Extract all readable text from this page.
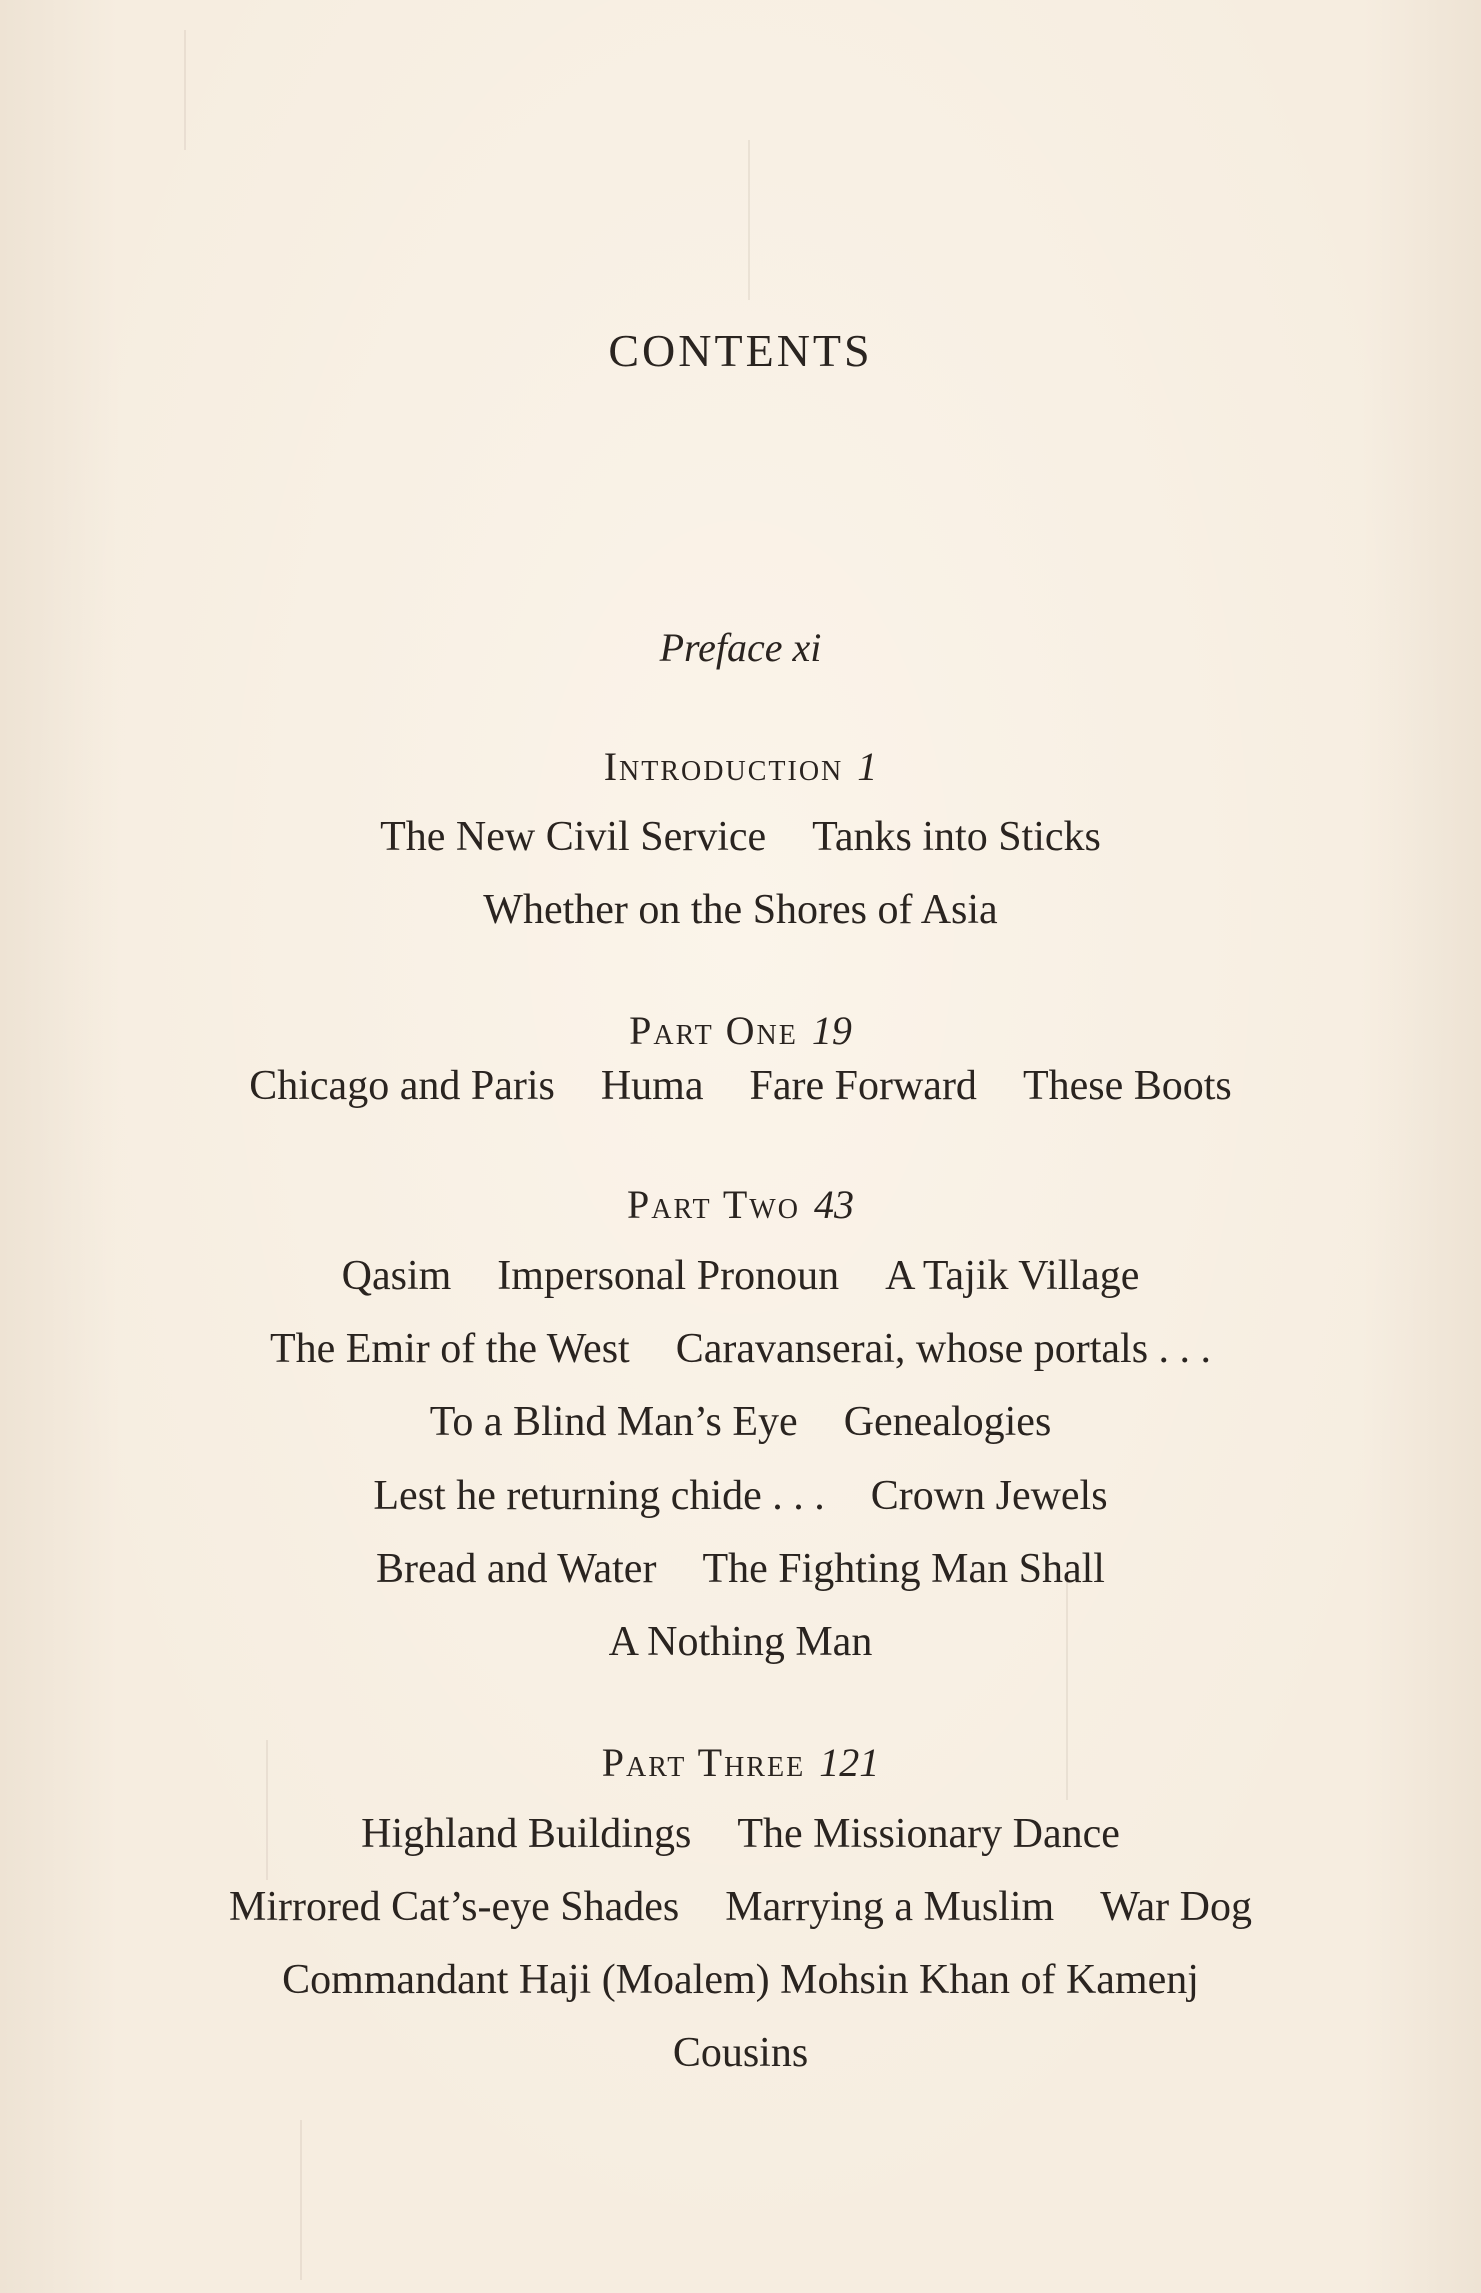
CONTENTS
Preface xi
Introduction 1
The New Civil Service Tanks into Sticks
Whether on the Shores of Asia
Part One 19
Chicago and Paris Huma Fare Forward These Boots
Part Two 43
Qasim Impersonal Pronoun A Tajik Village
The Emir of the West Caravanserai, whose portals . . .
To a Blind Man’s Eye Genealogies
Lest he returning chide . . . Crown Jewels
Bread and Water The Fighting Man Shall
A Nothing Man
Part Three 121
Highland Buildings The Missionary Dance
Mirrored Cat’s-eye Shades Marrying a Muslim War Dog
Commandant Haji (Moalem) Mohsin Khan of Kamenj
Cousins
